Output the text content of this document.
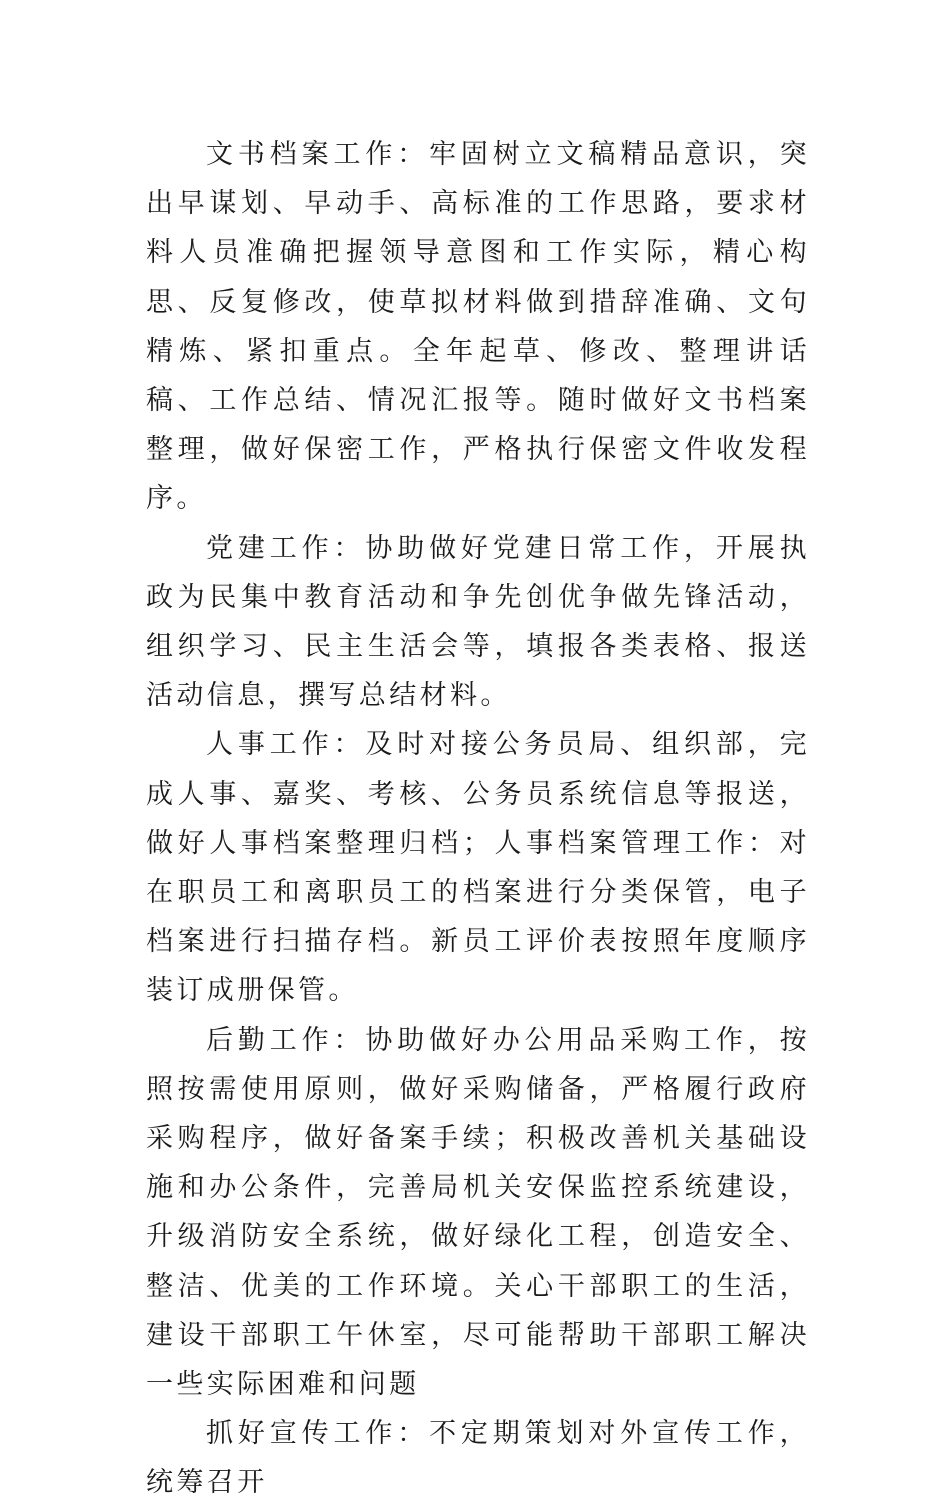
文书档案工作：牢固树立文稿精品意识，突出早谋划、早动手、高标准的工作思路，要求材料人员准确把握领导意图和工作实际，精心构思、反复修改，使草拟材料做到措辞准确、文句精炼、紧扣重点。全年起草、修改、整理讲话稿、工作总结、情况汇报等。随时做好文书档案整理，做好保密工作，严格执行保密文件收发程序。

党建工作：协助做好党建日常工作，开展执政为民集中教育活动和争先创优争做先锋活动，组织学习、民主生活会等，填报各类表格、报送活动信息，撰写总结材料。

人事工作：及时对接公务员局、组织部，完成人事、嘉奖、考核、公务员系统信息等报送，做好人事档案整理归档；人事档案管理工作：对在职员工和离职员工的档案进行分类保管，电子档案进行扫描存档。新员工评价表按照年度顺序装订成册保管。

后勤工作：协助做好办公用品采购工作，按照按需使用原则，做好采购储备，严格履行政府采购程序，做好备案手续；积极改善机关基础设施和办公条件，完善局机关安保监控系统建设，升级消防安全系统，做好绿化工程，创造安全、整洁、优美的工作环境。关心干部职工的生活，建设干部职工午休室，尽可能帮助干部职工解决一些实际困难和问题

抓好宣传工作：不定期策划对外宣传工作，统筹召开
